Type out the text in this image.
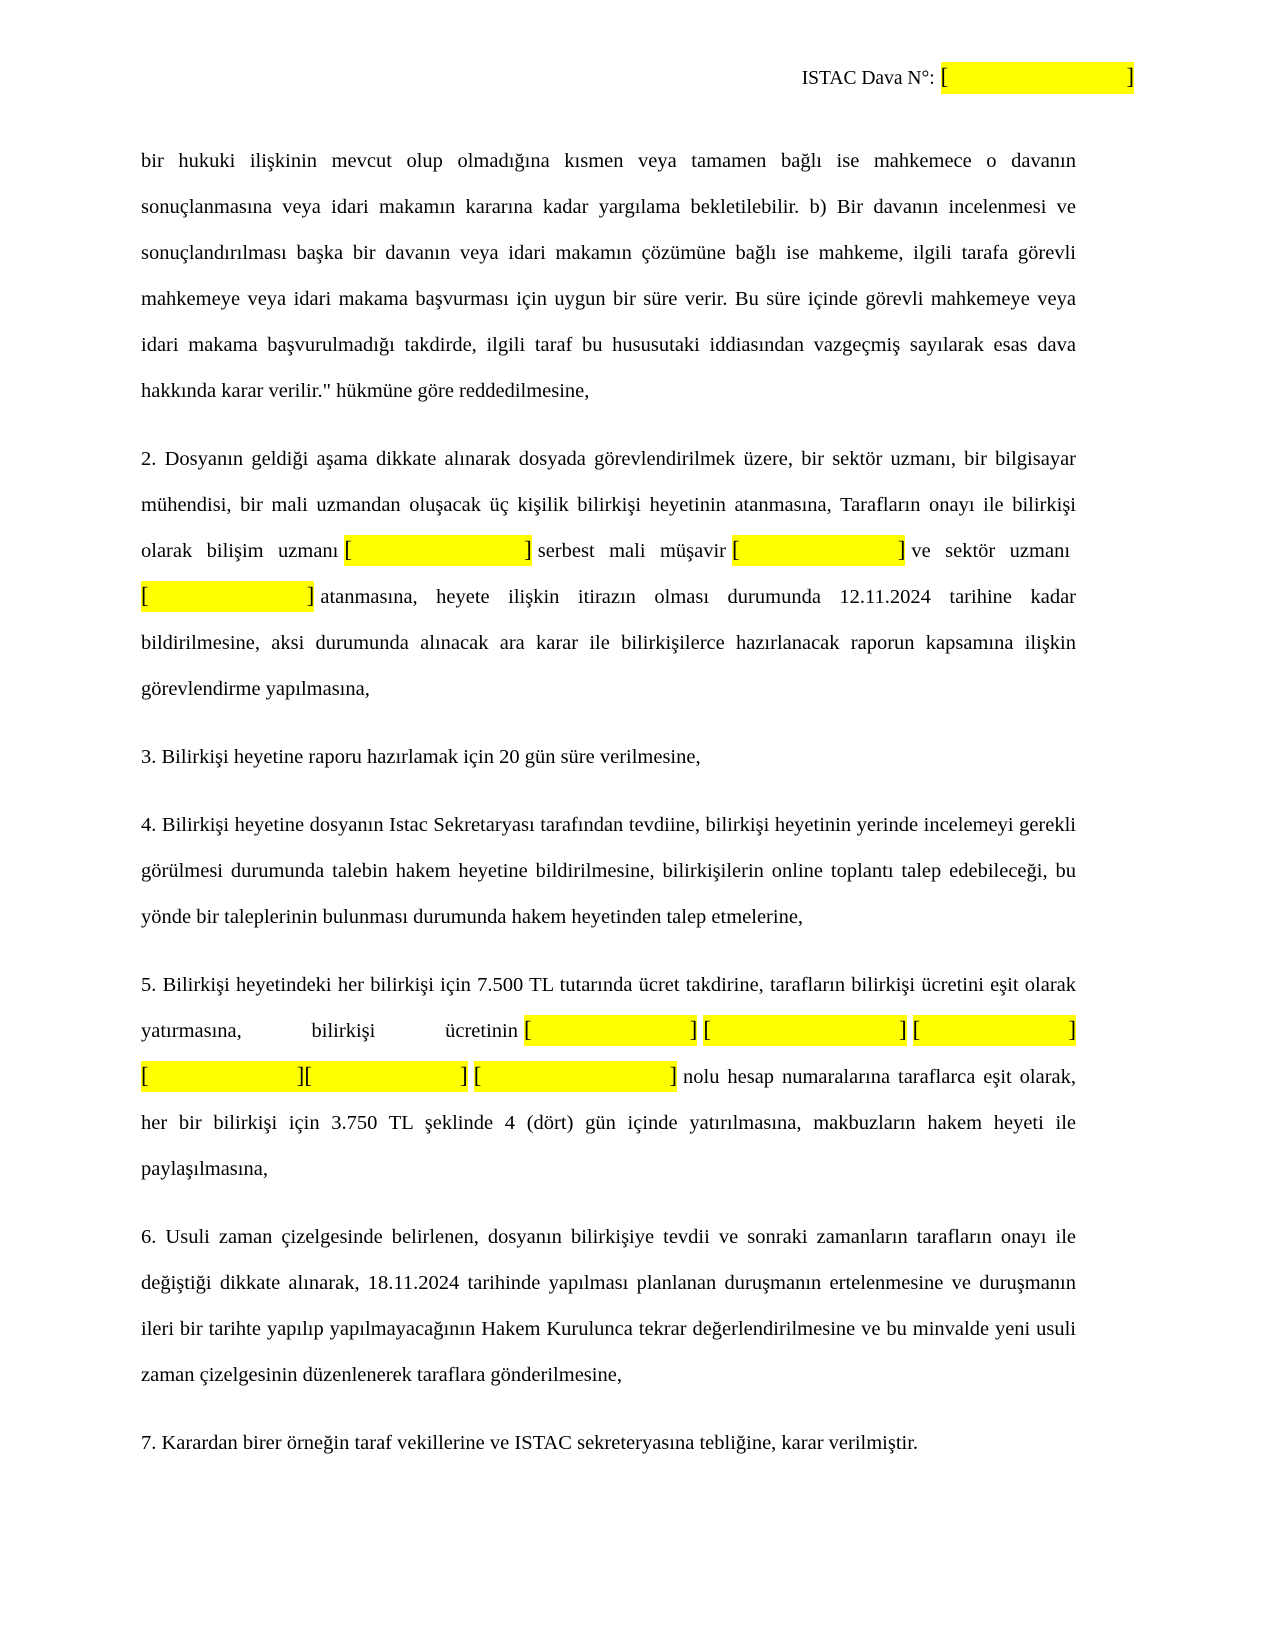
ISTAC Dava N°: [	]

bir hukuki ilişkinin mevcut olup olmadığına kısmen veya tamamen bağlı ise mahkemece o davanın sonuçlanmasına veya idari makamın kararına kadar yargılama bekletilebilir. b) Bir davanın incelenmesi ve sonuçlandırılması başka bir davanın veya idari makamın çözümüne bağlı ise mahkeme, ilgili tarafa görevli mahkemeye veya idari makama başvurması için uygun bir süre verir. Bu süre içinde görevli mahkemeye veya idari makama başvurulmadığı takdirde, ilgili taraf bu hususutaki iddiasından vazgeçmiş sayılarak esas dava hakkında karar verilir." hükmüne göre reddedilmesine,

2. Dosyanın geldiği aşama dikkate alınarak dosyada görevlendirilmek üzere, bir sektör uzmanı, bir bilgisayar mühendisi, bir mali uzmandan oluşacak üç kişilik bilirkişi heyetinin atanmasına, Tarafların onayı ile bilirkişi olarak bilişim uzmanı [	] serbest mali müşavir [	] ve sektör uzmanı[	] atanmasına, heyete ilişkin itirazın olması durumunda 12.11.2024 tarihine kadar bildirilmesine, aksi durumunda alınacak ara karar ile bilirkişilerce hazırlanacak raporun kapsamına ilişkin görevlendirme yapılmasına,

3. Bilirkişi heyetine raporu hazırlamak için 20 gün süre verilmesine,

4. Bilirkişi heyetine dosyanın Istac Sekretaryası tarafından tevdiine, bilirkişi heyetinin yerinde incelemeyi gerekli görülmesi durumunda talebin hakem heyetine bildirilmesine, bilirkişilerin online toplantı talep edebileceği, bu yönde bir taleplerinin bulunması durumunda hakem heyetinden talep etmelerine,

5. Bilirkişi heyetindeki her bilirkişi için 7.500 TL tutarında ücret takdirine, tarafların bilirkişi ücretini eşit olarak yatırmasına, bilirkişi ücretinin [	] [	] [	][	][	] [	] nolu hesap numaralarına taraflarca eşit olarak, her bir bilirkişi için 3.750 TL şeklinde 4 (dört) gün içinde yatırılmasına, makbuzların hakem heyeti ile paylaşılmasına,

6. Usuli zaman çizelgesinde belirlenen, dosyanın bilirkişiye tevdii ve sonraki zamanların tarafların onayı ile değiştiği dikkate alınarak, 18.11.2024 tarihinde yapılması planlanan duruşmanın ertelenmesine ve duruşmanın ileri bir tarihte yapılıp yapılmayacağının Hakem Kurulunca tekrar değerlendirilmesine ve bu minvalde yeni usuli zaman çizelgesinin düzenlenerek taraflara gönderilmesine,

7. Karardan birer örneğin taraf vekillerine ve ISTAC sekreteryasına tebliğine, karar verilmiştir.
